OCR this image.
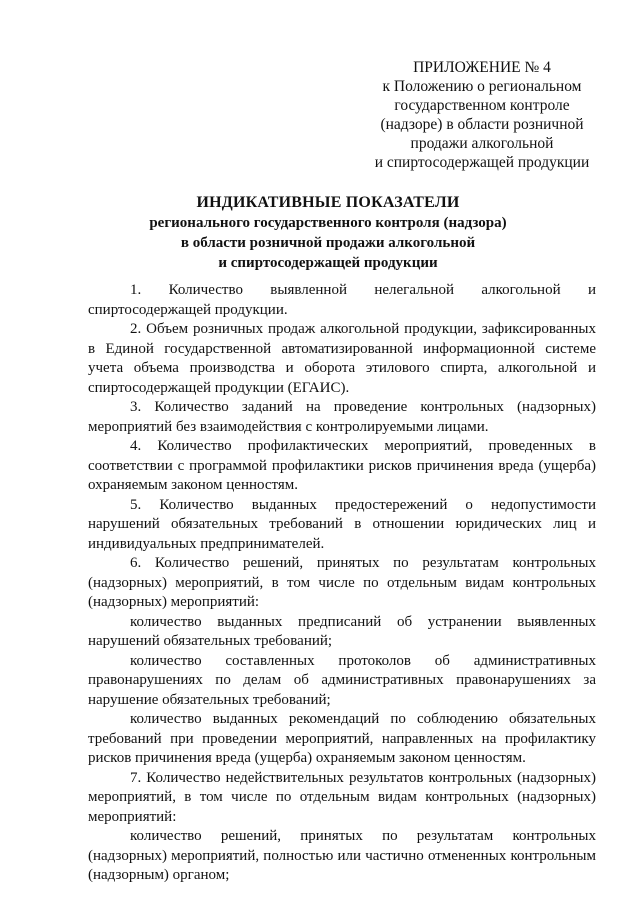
ПРИЛОЖЕНИЕ № 4
к Положению о региональном
государственном контроле
(надзоре) в области розничной
продажи алкогольной
и спиртосодержащей продукции
ИНДИКАТИВНЫЕ ПОКАЗАТЕЛИ
регионального государственного контроля (надзора)
в области розничной продажи алкогольной
и спиртосодержащей продукции

1. Количество выявленной нелегальной алкогольной и спиртосодержащей продукции.

2. Объем розничных продаж алкогольной продукции, зафиксированных в Единой государственной автоматизированной информационной системе учета объема производства и оборота этилового спирта, алкогольной и спиртосодержащей продукции (ЕГАИС).

3. Количество заданий на проведение контрольных (надзорных) мероприятий без взаимодействия с контролируемыми лицами.

4. Количество профилактических мероприятий, проведенных в соответствии с программой профилактики рисков причинения вреда (ущерба) охраняемым законом ценностям.

5. Количество выданных предостережений о недопустимости нарушений обязательных требований в отношении юридических лиц и индивидуальных предпринимателей.

6. Количество решений, принятых по результатам контрольных (надзорных) мероприятий, в том числе по отдельным видам контрольных (надзорных) мероприятий:

количество выданных предписаний об устранении выявленных нарушений обязательных требований;

количество составленных протоколов об административных правонарушениях по делам об административных правонарушениях за нарушение обязательных требований;

количество выданных рекомендаций по соблюдению обязательных требований при проведении мероприятий, направленных на профилактику рисков причинения вреда (ущерба) охраняемым законом ценностям.

7. Количество недействительных результатов контрольных (надзорных) мероприятий, в том числе по отдельным видам контрольных (надзорных) мероприятий:

количество решений, принятых по результатам контрольных (надзорных) мероприятий, полностью или частично отмененных контрольным (надзорным) органом;
